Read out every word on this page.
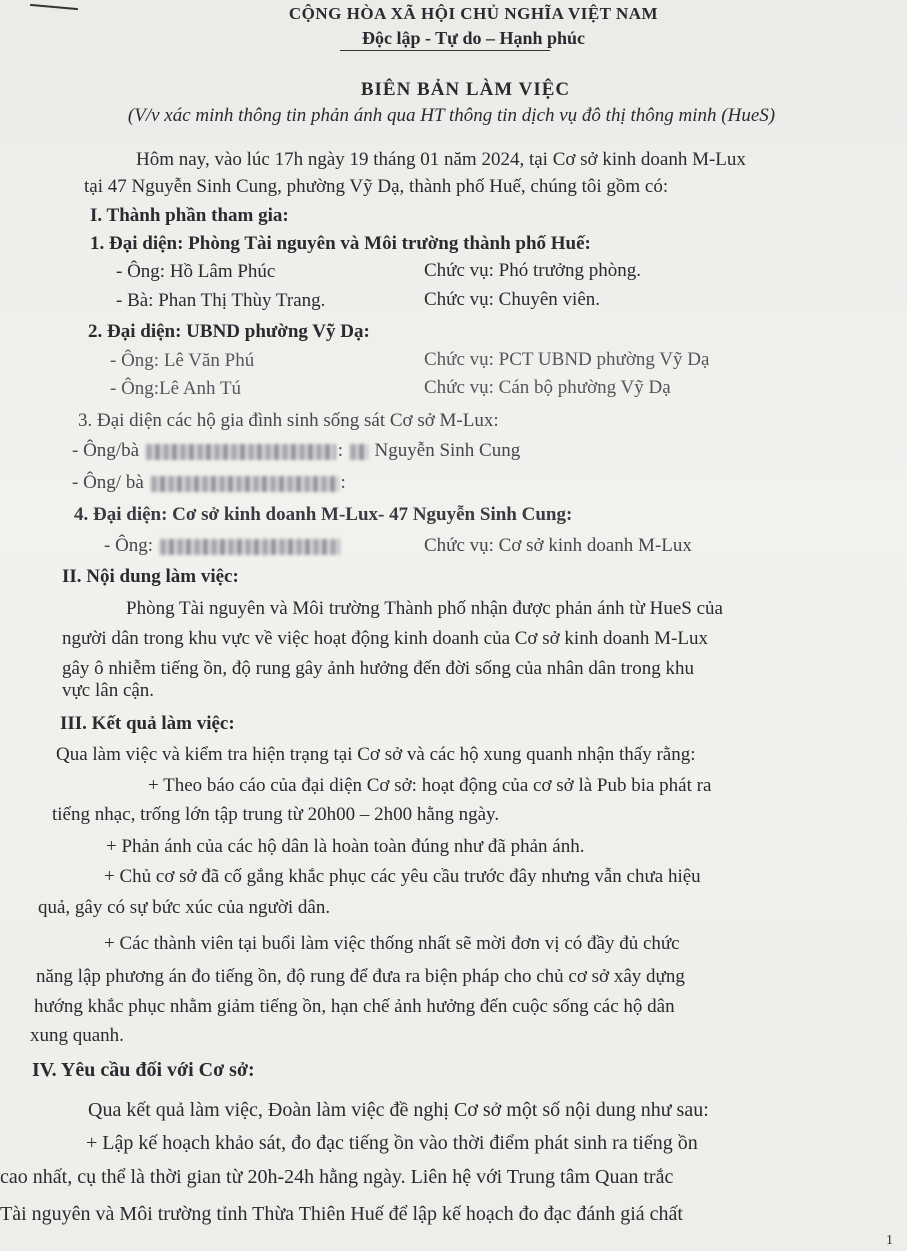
CỘNG HÒA XÃ HỘI CHỦ NGHĨA VIỆT NAM
Độc lập - Tự do – Hạnh phúc
BIÊN BẢN LÀM VIỆC
(V/v xác minh thông tin phản ánh qua HT thông tin dịch vụ đô thị thông minh (HueS)
Hôm nay, vào lúc 17h ngày 19 tháng 01 năm 2024, tại Cơ sở kinh doanh M-Lux
tại 47 Nguyễn Sinh Cung, phường Vỹ Dạ, thành phố Huế, chúng tôi gồm có:
I. Thành phần tham gia:
1. Đại diện: Phòng Tài nguyên và Môi trường thành phố Huế:
- Ông: Hồ Lâm Phúc	Chức vụ: Phó trưởng phòng.
- Bà: Phan Thị Thùy Trang.	Chức vụ: Chuyên viên.
2. Đại diện: UBND phường Vỹ Dạ:
- Ông: Lê Văn Phú	Chức vụ: PCT UBND phường Vỹ Dạ
- Ông:Lê Anh Tú	Chức vụ: Cán bộ phường Vỹ Dạ
3. Đại diện các hộ gia đình sinh sống sát Cơ sở M-Lux:
- Ông/bà	: Nguyễn Sinh Cung
- Ông/ bà	:
4. Đại diện: Cơ sở kinh doanh M-Lux- 47 Nguyễn Sinh Cung:
- Ông:	Chức vụ: Cơ sở kinh doanh M-Lux
II. Nội dung làm việc:
Phòng Tài nguyên và Môi trường Thành phố nhận được phản ánh từ HueS của
người dân trong khu vực về việc hoạt động kinh doanh của Cơ sở kinh doanh M-Lux
gây ô nhiễm tiếng ồn, độ rung gây ảnh hưởng đến đời sống của nhân dân trong khu
vực lân cận.
III. Kết quả làm việc:
Qua làm việc và kiểm tra hiện trạng tại Cơ sở và các hộ xung quanh nhận thấy rằng:
+ Theo báo cáo của đại diện Cơ sở: hoạt động của cơ sở là Pub bia phát ra
tiếng nhạc, trống lớn tập trung từ 20h00 – 2h00 hằng ngày.
+ Phản ánh của các hộ dân là hoàn toàn đúng như đã phản ánh.
+ Chủ cơ sở đã cố gắng khắc phục các yêu cầu trước đây nhưng vẫn chưa hiệu
quả, gây có sự bức xúc của người dân.
+ Các thành viên tại buổi làm việc thống nhất sẽ mời đơn vị có đầy đủ chức
năng lập phương án đo tiếng ồn, độ rung để đưa ra biện pháp cho chủ cơ sở xây dựng
hướng khắc phục nhằm giảm tiếng ồn, hạn chế ảnh hưởng đến cuộc sống các hộ dân
xung quanh.
IV. Yêu cầu đối với Cơ sở:
Qua kết quả làm việc, Đoàn làm việc đề nghị Cơ sở một số nội dung như sau:
+ Lập kế hoạch khảo sát, đo đạc tiếng ồn vào thời điểm phát sinh ra tiếng ồn
cao nhất, cụ thể là thời gian từ 20h-24h hằng ngày. Liên hệ với Trung tâm Quan trắc
Tài nguyên và Môi trường tỉnh Thừa Thiên Huế để lập kế hoạch đo đạc đánh giá chất
1
